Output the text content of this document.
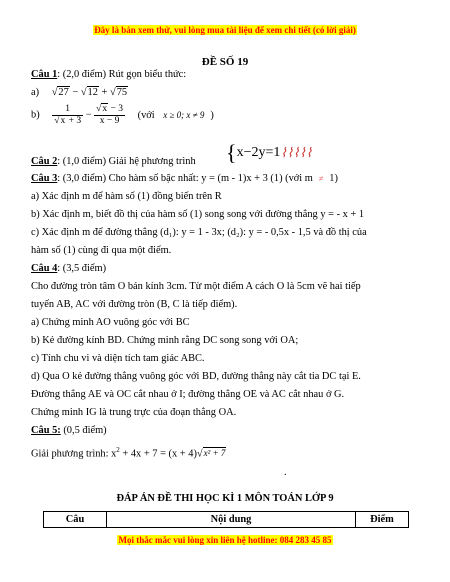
Đây là bản xem thử, vui lòng mua tài liệu để xem chi tiết (có lời giải)
ĐỀ SỐ 19
Câu 1: (2,0 điểm) Rút gọn biểu thức:
a) √27 − √12 + √75
$b) \frac{1}{√x + 3} - \frac{√x - 3}{x - 9}$ (với x ≥ 0; x ≠ 9 )
Câu 2: (1,0 điểm) Giải hệ phương trình {x−2y=1⌇⌇⌇⌇⌇
Câu 3: (3,0 điểm) Cho hàm số bậc nhất: y = (m - 1)x + 3 (1) (với m ≠ 1)
a) Xác định m để hàm số (1) đồng biến trên R
b) Xác định m, biết đồ thị của hàm số (1) song song với đường thẳng y = - x + 1
c) Xác định m để đường thẳng (d₁): y = 1 - 3x; (d₂): y = - 0,5x - 1,5 và đồ thị của
hàm số (1) cùng đi qua một điểm.
Câu 4: (3,5 điểm)
Cho đường tròn tâm O bán kính 3cm. Từ một điểm A cách O là 5cm vẽ hai tiếp
tuyến AB, AC với đường tròn (B, C là tiếp điểm).
a) Chứng minh AO vuông góc với BC
b) Kẻ đường kính BD. Chứng minh rằng DC song song với OA;
c) Tính chu vi và diện tích tam giác ABC.
d) Qua O kẻ đường thẳng vuông góc với BD, đường thẳng này cắt tia DC tại E.
Đường thẳng AE và OC cắt nhau ở I; đường thẳng OE và AC cắt nhau ở G.
Chứng minh IG là trung trực của đoạn thẳng OA.
Câu 5: (0,5 điểm)
Giải phương trình: $x^2 + 4x + 7 = (x + 4)√x^2 + 7$
.
ĐÁP ÁN ĐỀ THI HỌC KÌ 1 MÔN TOÁN LỚP 9
Câu	Nội dung	Điểm
Mọi thắc mắc vui lòng xin liên hệ hotline: 084 283 45 85
